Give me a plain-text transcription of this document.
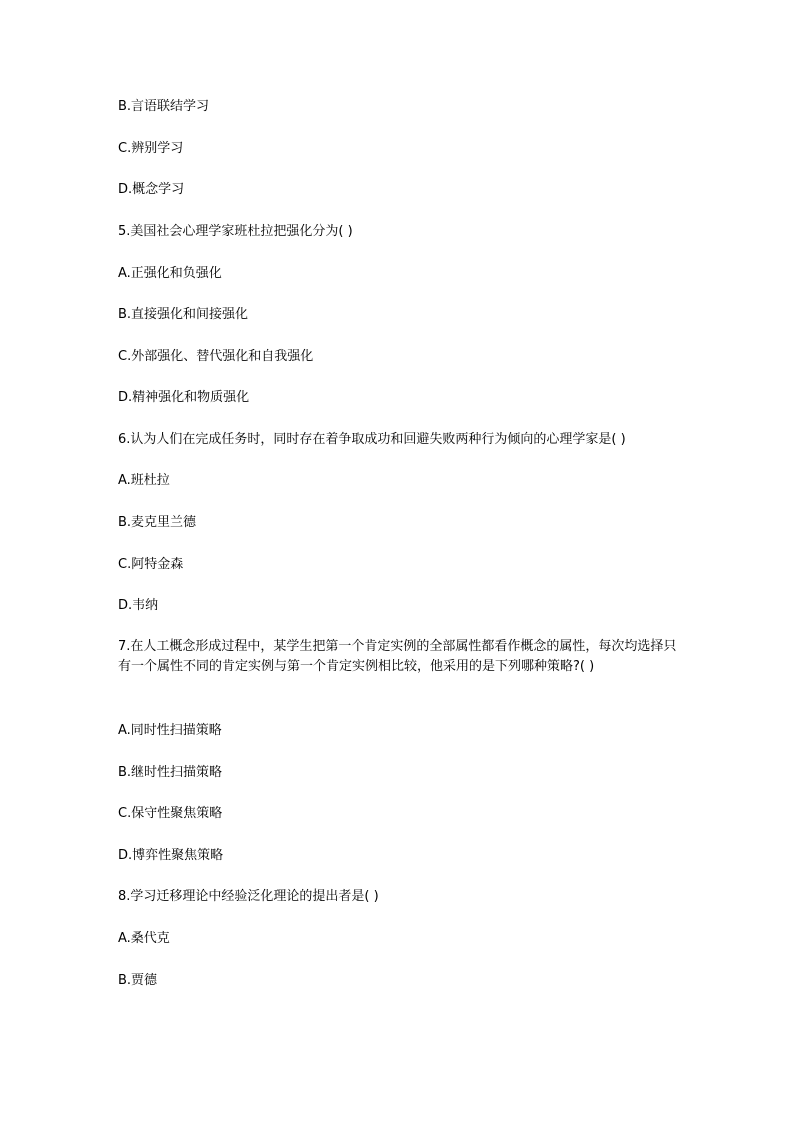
B.言语联结学习
C.辨别学习
D.概念学习
5.美国社会心理学家班杜拉把强化分为( )
A.正强化和负强化
B.直接强化和间接强化
C.外部强化、替代强化和自我强化
D.精神强化和物质强化
6.认为人们在完成任务时，同时存在着争取成功和回避失败两种行为倾向的心理学家是( )
A.班杜拉
B.麦克里兰德
C.阿特金森
D.韦纳
7.在人工概念形成过程中，某学生把第一个肯定实例的全部属性都看作概念的属性，每次均选择只有一个属性不同的肯定实例与第一个肯定实例相比较，他采用的是下列哪种策略?( )
A.同时性扫描策略
B.继时性扫描策略
C.保守性聚焦策略
D.博弈性聚焦策略
8.学习迁移理论中经验泛化理论的提出者是( )
A.桑代克
B.贾德
